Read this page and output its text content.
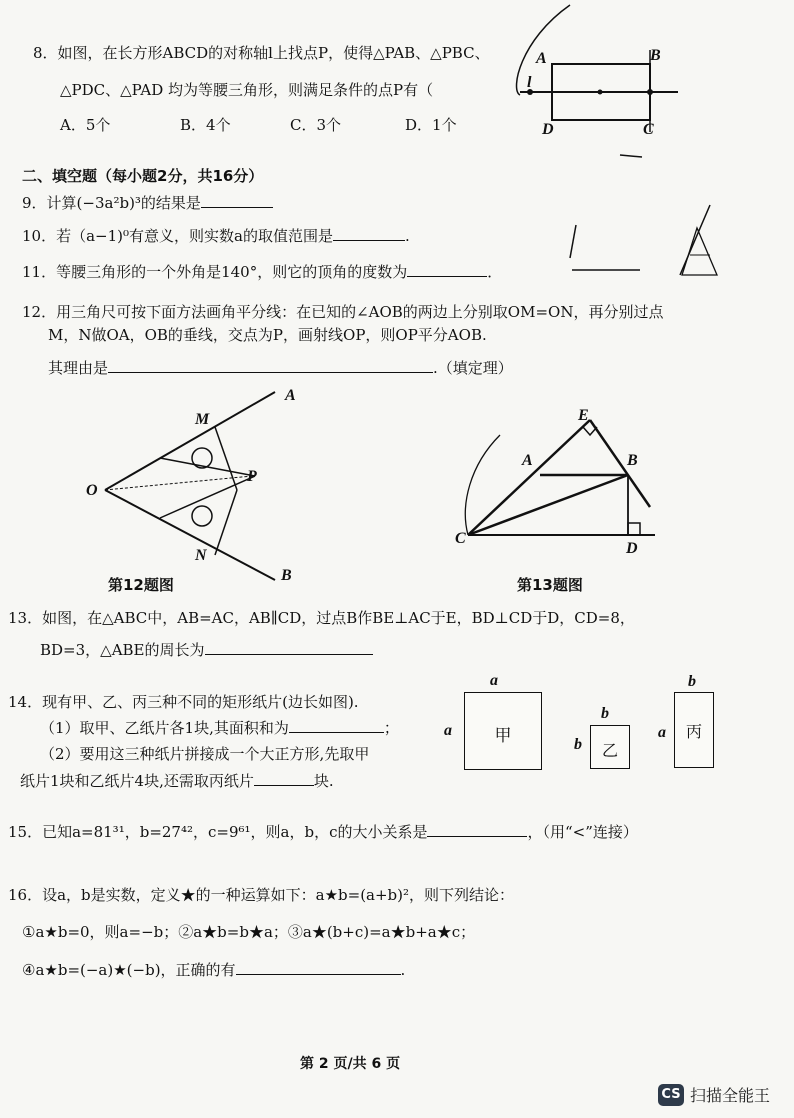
8．如图，在长方形ABCD的对称轴l上找点P，使得△PAB、△PBC、
△PDC、△PAD 均为等腰三角形，则满足条件的点P有（
A．5个	B．4个	C．3个	D．1个
A	B
l
D	C
二、填空题（每小题2分，共16分）
9．计算(−3a²b)³的结果是
10．若（a−1)⁰有意义，则实数a的取值范围是	.
11．等腰三角形的一个外角是140°，则它的顶角的度数为	．
12．用三角尺可按下面方法画角平分线：在已知的∠AOB的两边上分别取OM=ON，再分别过点
M，N做OA，OB的垂线，交点为P，画射线OP，则OP平分AOB.
其理由是	.（填定理）
A
M
O
P
N
B
第12题图
E
A	B
C
D
第13题图
13．如图，在△ABC中，AB=AC，AB∥CD，过点B作BE⊥AC于E，BD⊥CD于D，CD=8，
BD=3，△ABE的周长为
14．现有甲、乙、丙三种不同的矩形纸片(边长如图).
（1）取甲、乙纸片各1块,其面积和为	；
（2）要用这三种纸片拼接成一个大正方形,先取甲
纸片1块和乙纸片4块,还需取丙纸片	块.
a
a	甲
b
b	乙
b
a	丙
15．已知a=81³¹，b=27⁴²，c=9⁶¹，则a，b，c的大小关系是	，（用“<”连接）
16．设a，b是实数，定义★的一种运算如下：a★b=(a+b)²，则下列结论：
①a★b=0，则a=−b；②a★b=b★a；③a★(b+c)=a★b+a★c；
④a★b=(−a)★(−b)，正确的有	.
第 2 页/共 6 页
CS 扫描全能王
